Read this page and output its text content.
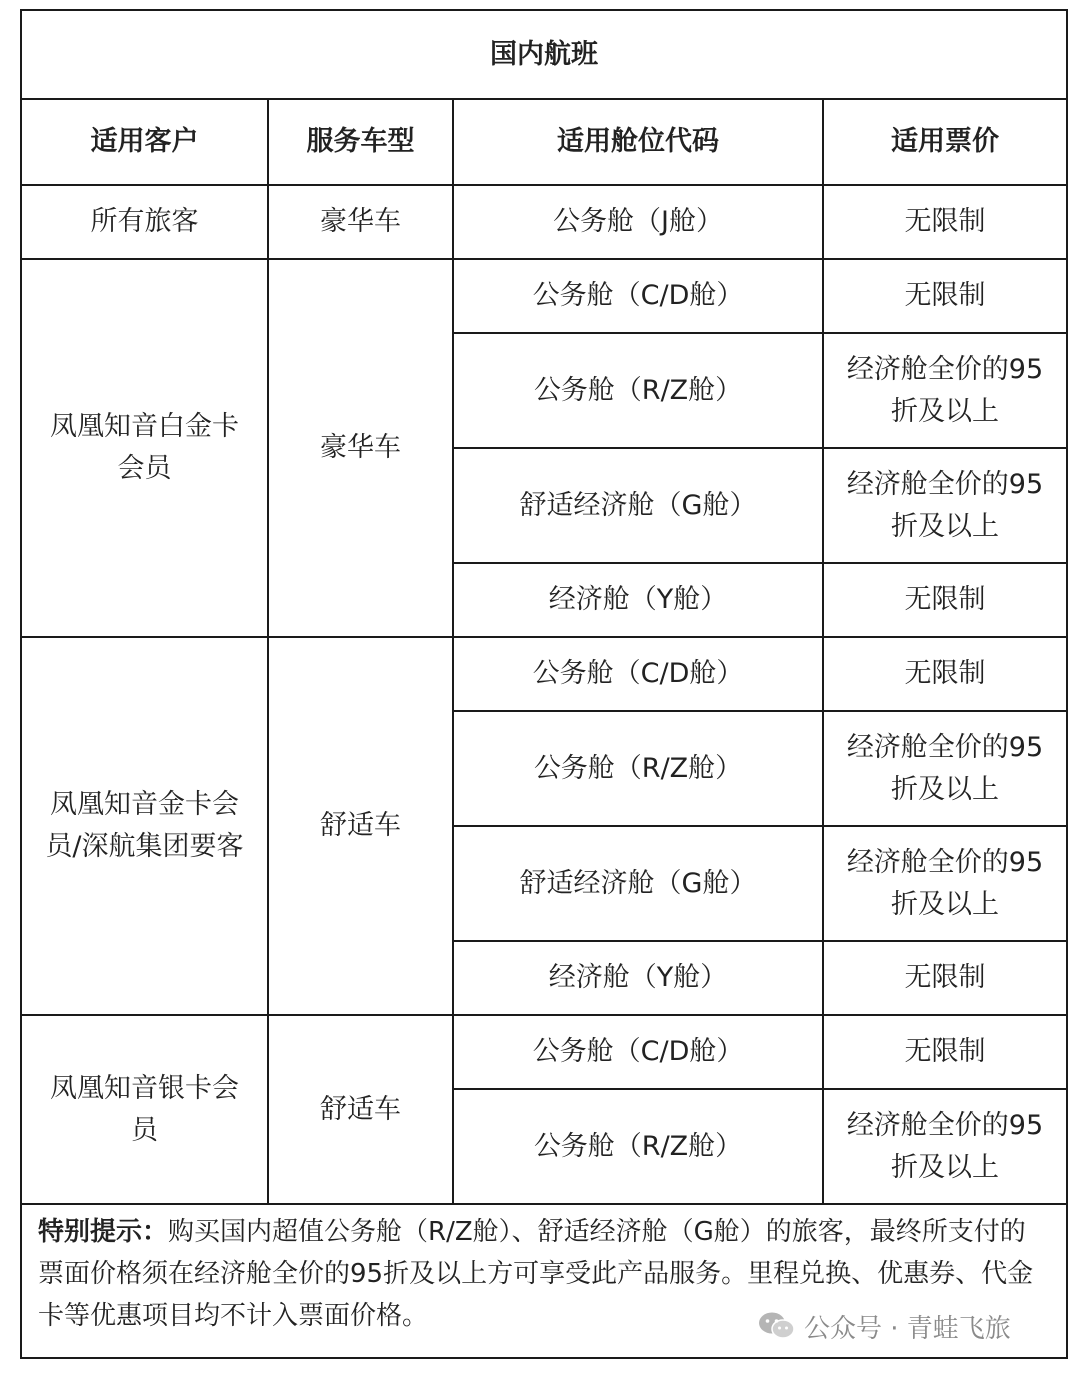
国内航班			
适用客户	服务车型	适用舱位代码	适用票价
所有旅客	豪华车	公务舱（J舱）	无限制
凤凰知音白金卡会员	豪华车	公务舱（C/D舱）	无限制
		公务舱（R/Z舱）	经济舱全价的95折及以上
		舒适经济舱（G舱）	经济舱全价的95折及以上
		经济舱（Y舱）	无限制
凤凰知音金卡会员/深航集团要客	舒适车	公务舱（C/D舱）	无限制
		公务舱（R/Z舱）	经济舱全价的95折及以上
		舒适经济舱（G舱）	经济舱全价的95折及以上
		经济舱（Y舱）	无限制
凤凰知音银卡会员	舒适车	公务舱（C/D舱）	无限制
		公务舱（R/Z舱）	经济舱全价的95折及以上
特别提示：购买国内超值公务舱（R/Z舱）、舒适经济舱（G舱）的旅客，最终所支付的票面价格须在经济舱全价的95折及以上方可享受此产品服务。里程兑换、优惠券、代金卡等优惠项目均不计入票面价格。	公众号 · 青蛙飞旅
